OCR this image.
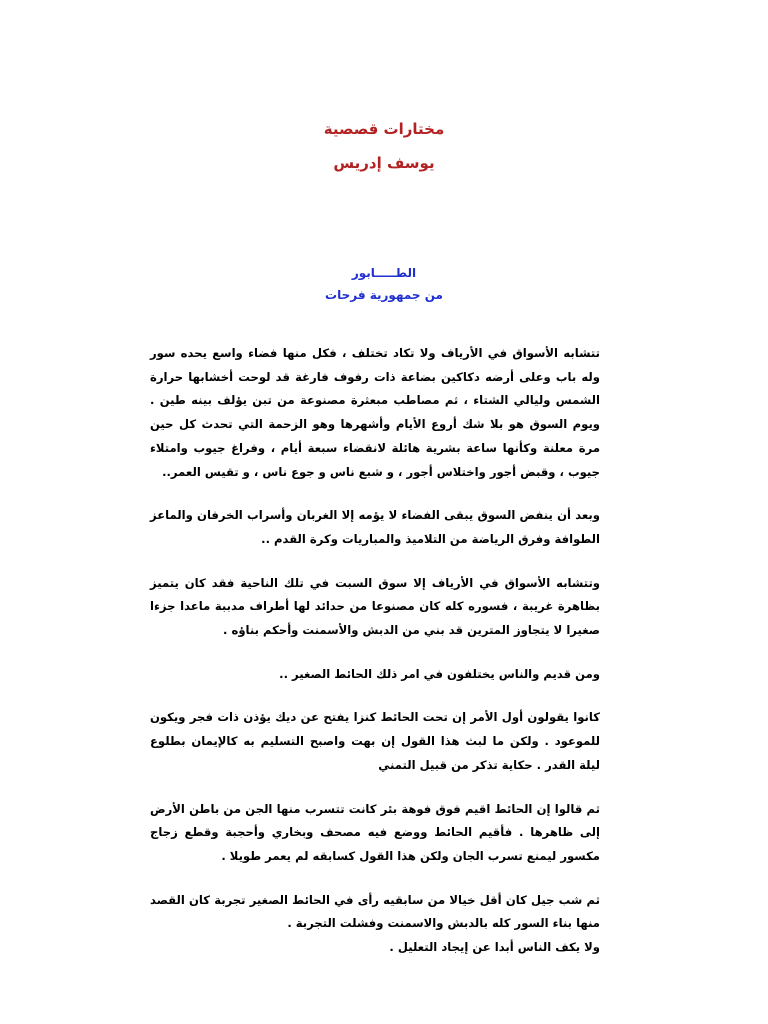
مختارات قصصية

يوسف إدريس

الطـــــابور

من جمهورية فرحات

تتشابه الأسواق في الأرياف ولا تكاد تختلف ، فكل منها فضاء واسع يحده سور وله باب وعلى أرضه دكاكين بضاعة ذات رفوف فارغة قد لوحت أخشابها حرارة الشمس وليالي الشتاء ، ثم مصاطب مبعثرة مصنوعة من تبن يؤلف بينه طين . ويوم السوق هو بلا شك أروع الأيام وأشهرها وهو الزحمة التي تحدث كل حين مرة معلنة وكأنها ساعة بشرية هائلة لانقضاء سبعة أيام ، وفراغ جيوب وامتلاء جيوب ، وقبض أجور واختلاس أجور ، و شبع ناس و جوع ناس ، و تقيس العمر..

وبعد أن ينفض السوق يبقى الفضاء لا يؤمه إلا الغربان وأسراب الخرفان والماعز الطوافة وفرق الرياضة من التلاميذ والمباريات وكرة القدم ..

وتتشابه الأسواق في الأرياف إلا سوق السبت في تلك الناحية فقد كان يتميز بظاهرة غريبة ، فسوره كله كان مصنوعا من حدائد لها أطراف مدببة ماعدا جزءا صغيرا لا يتجاوز المترين قد بني من الدبش والأسمنت وأحكم بناؤه .

ومن قديم والناس يختلفون في امر ذلك الحائط الصغير ..

كانوا يقولون أول الأمر إن تحت الحائط كنزا يفتح عن ديك يؤذن ذات فجر ويكون للموعود . ولكن ما لبث هذا القول إن بهت واصبح التسليم به كالإيمان بطلوع ليلة القدر . حكاية تذكر من قبيل التمني

ثم قالوا إن الحائط اقيم فوق فوهة بئر كانت تتسرب منها الجن من باطن الأرض إلى ظاهرها . فأقيم الحائط ووضع فيه مصحف وبخاري وأحجبة وقطع زجاج مكسور ليمنع تسرب الجان ولكن هذا القول كسابقه لم يعمر طويلا .

ثم شب جيل كان أقل خيالا من سابقيه رأى في الحائط الصغير تجربة كان القصد منها بناء السور كله بالدبش والاسمنت وفشلت التجربة .

ولا يكف الناس أبدا عن إيجاد التعليل .
